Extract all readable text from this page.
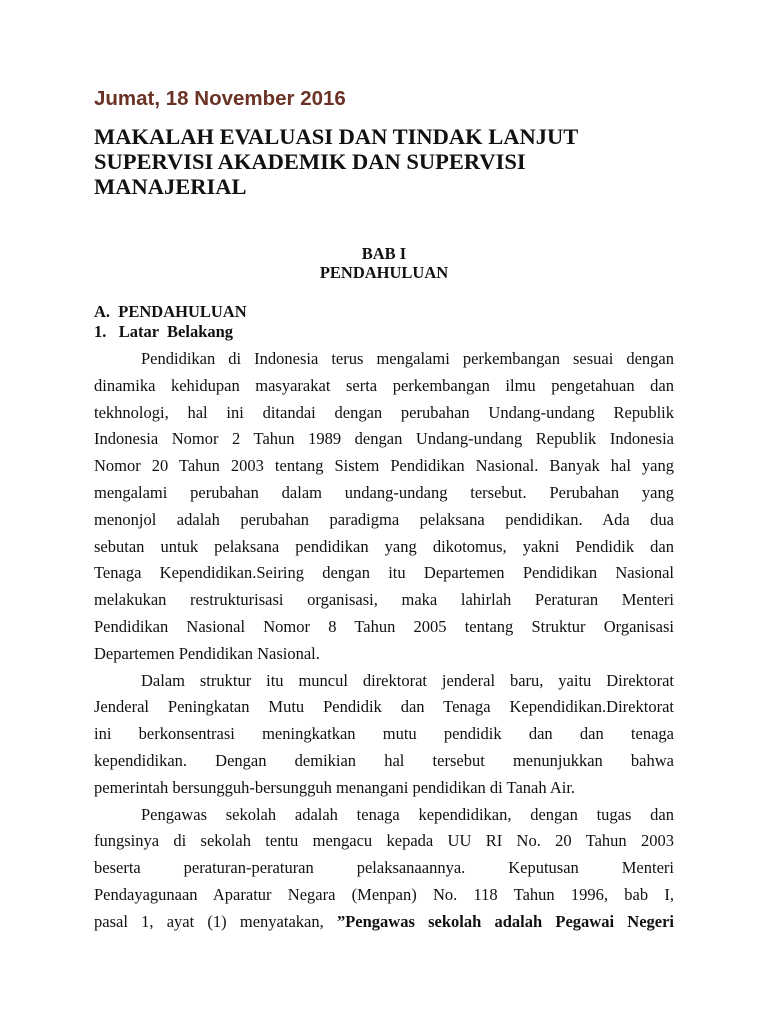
Jumat, 18 November 2016

MAKALAH EVALUASI DAN TINDAK LANJUT
SUPERVISI AKADEMIK DAN SUPERVISI
MANAJERIAL

BAB I

PENDAHULUAN

A.  PENDAHULUAN

1.   Latar  Belakang

Pendidikan di Indonesia terus mengalami perkembangan sesuai dengan
dinamika kehidupan masyarakat serta perkembangan ilmu pengetahuan dan
tekhnologi, hal ini ditandai dengan perubahan Undang-undang Republik
Indonesia Nomor 2 Tahun 1989 dengan Undang-undang Republik Indonesia
Nomor 20 Tahun 2003 tentang Sistem Pendidikan Nasional. Banyak hal yang
mengalami perubahan dalam undang-undang tersebut. Perubahan yang
menonjol adalah perubahan paradigma pelaksana pendidikan. Ada dua
sebutan untuk pelaksana pendidikan yang dikotomus, yakni Pendidik dan
Tenaga Kependidikan.Seiring dengan itu Departemen Pendidikan Nasional
melakukan restrukturisasi organisasi, maka lahirlah Peraturan Menteri
Pendidikan Nasional Nomor 8 Tahun 2005 tentang Struktur Organisasi
Departemen Pendidikan Nasional.
Dalam struktur itu muncul direktorat jenderal baru, yaitu Direktorat
Jenderal Peningkatan Mutu Pendidik dan Tenaga Kependidikan.Direktorat
ini berkonsentrasi meningkatkan mutu pendidik dan dan tenaga
kependidikan. Dengan demikian hal tersebut menunjukkan bahwa
pemerintah bersungguh-bersungguh menangani pendidikan di Tanah Air.
Pengawas sekolah adalah tenaga kependidikan, dengan tugas dan
fungsinya di sekolah tentu mengacu kepada UU RI No. 20 Tahun 2003
beserta peraturan-peraturan pelaksanaannya. Keputusan Menteri
Pendayagunaan Aparatur Negara (Menpan) No. 118 Tahun 1996, bab I,
pasal 1, ayat (1) menyatakan, ”Pengawas sekolah adalah Pegawai Negeri
